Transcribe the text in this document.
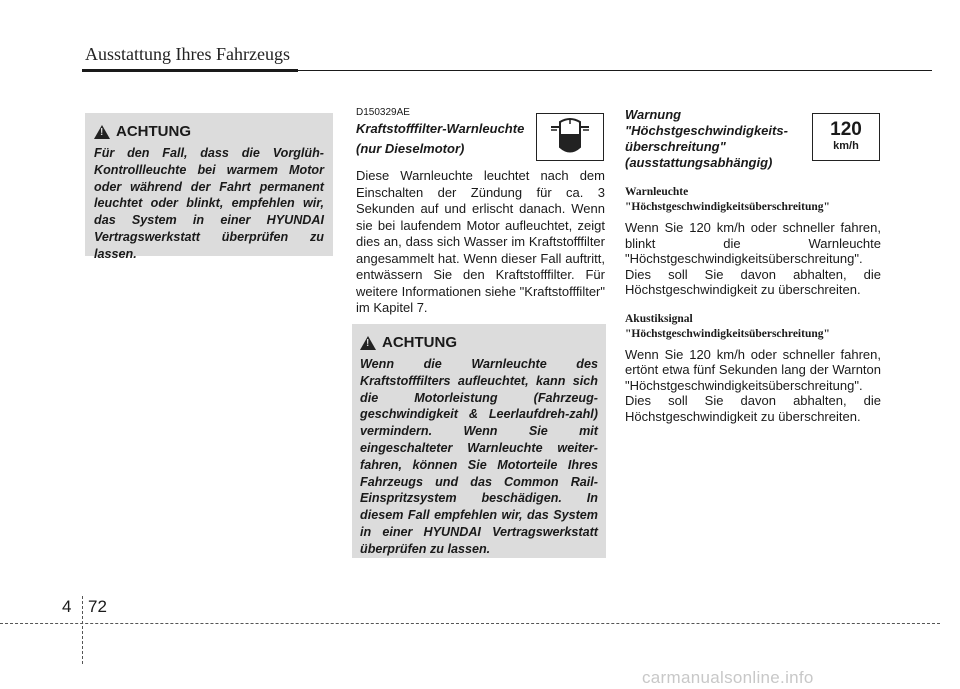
Ausstattung Ihres Fahrzeugs
!
ACHTUNG
Für den Fall, dass die Vorglüh-Kontrollleuchte bei warmem Motor oder während der Fahrt permanent leuchtet oder blinkt, empfehlen wir, das System in einer HYUNDAI Vertragswerkstatt überprüfen zu lassen.
D150329AE
Kraftstofffilter-Warnleuchte
(nur Dieselmotor)
Diese Warnleuchte leuchtet nach dem Einschalten der Zündung für ca. 3 Sekunden auf und erlischt danach. Wenn sie bei laufendem Motor aufleuchtet, zeigt dies an, dass sich Wasser im Kraftstofffilter angesammelt hat. Wenn dieser Fall auftritt, entwässern Sie den Kraftstofffilter. Für weitere Informationen siehe "Kraftstofffilter" im Kapitel 7.
!
ACHTUNG
Wenn die Warnleuchte des Kraftstofffilters aufleuchtet, kann sich die Motorleistung (Fahrzeug-geschwindigkeit & Leerlaufdreh-zahl) vermindern. Wenn Sie mit eingeschalteter Warnleuchte weiter-fahren, können Sie Motorteile Ihres Fahrzeugs und das Common Rail-Einspritzsystem beschädigen. In diesem Fall empfehlen wir, das System in einer HYUNDAI Vertragswerkstatt überprüfen zu lassen.
Warnung
"Höchstgeschwindigkeits-
überschreitung"
(ausstattungsabhängig)
Warnleuchte
"Höchstgeschwindigkeitsüberschreitung"
Wenn Sie 120 km/h oder schneller fahren, blinkt die Warnleuchte "Höchstgeschwindigkeitsüberschreitung". Dies soll Sie davon abhalten, die Höchstgeschwindigkeit zu überschreiten.
Akustiksignal
"Höchstgeschwindigkeitsüberschreitung"
Wenn Sie 120 km/h oder schneller fahren, ertönt etwa fünf Sekunden lang der Warnton "Höchstgeschwindigkeitsüberschreitung". Dies soll Sie davon abhalten, die Höchstgeschwindigkeit zu überschreiten.
120
km/h
4 72
carmanualsonline.info
